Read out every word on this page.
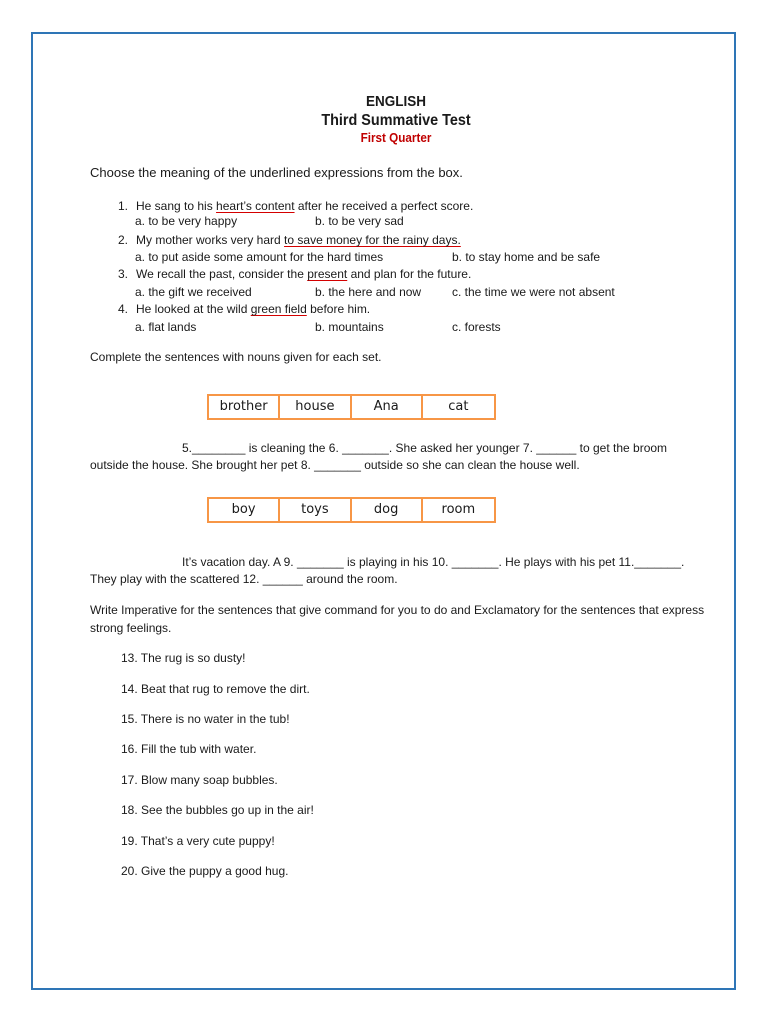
ENGLISH
Third Summative Test
First Quarter
Choose the meaning of the underlined expressions from the box.
1. He sang to his heart’s content after he received a perfect score.
a. to be very happy	b. to be very sad
2. My mother works very hard to save money for the rainy days.
a. to put aside some amount for the hard times	b. to stay home and be safe
3. We recall the past, consider the present and plan for the future.
a. the gift we received	b. the here and now	c. the time we were not absent
4. He looked at the wild green field before him.
a. flat lands	b. mountains	c. forests
Complete the sentences with nouns given for each set.
brother	house	Ana	cat
5.________ is cleaning the 6. _______. She asked her younger 7. ______ to get the broom
outside the house. She brought her pet 8. _______ outside so she can clean the house well.
boy	toys	dog	room
It’s vacation day. A 9. _______ is playing in his 10. _______. He plays with his pet 11._______.
They play with the scattered 12. ______ around the room.
Write Imperative for the sentences that give command for you to do and Exclamatory for the sentences that express
strong feelings.
13. The rug is so dusty!
14. Beat that rug to remove the dirt.
15. There is no water in the tub!
16. Fill the tub with water.
17. Blow many soap bubbles.
18. See the bubbles go up in the air!
19. That’s a very cute puppy!
20. Give the puppy a good hug.
